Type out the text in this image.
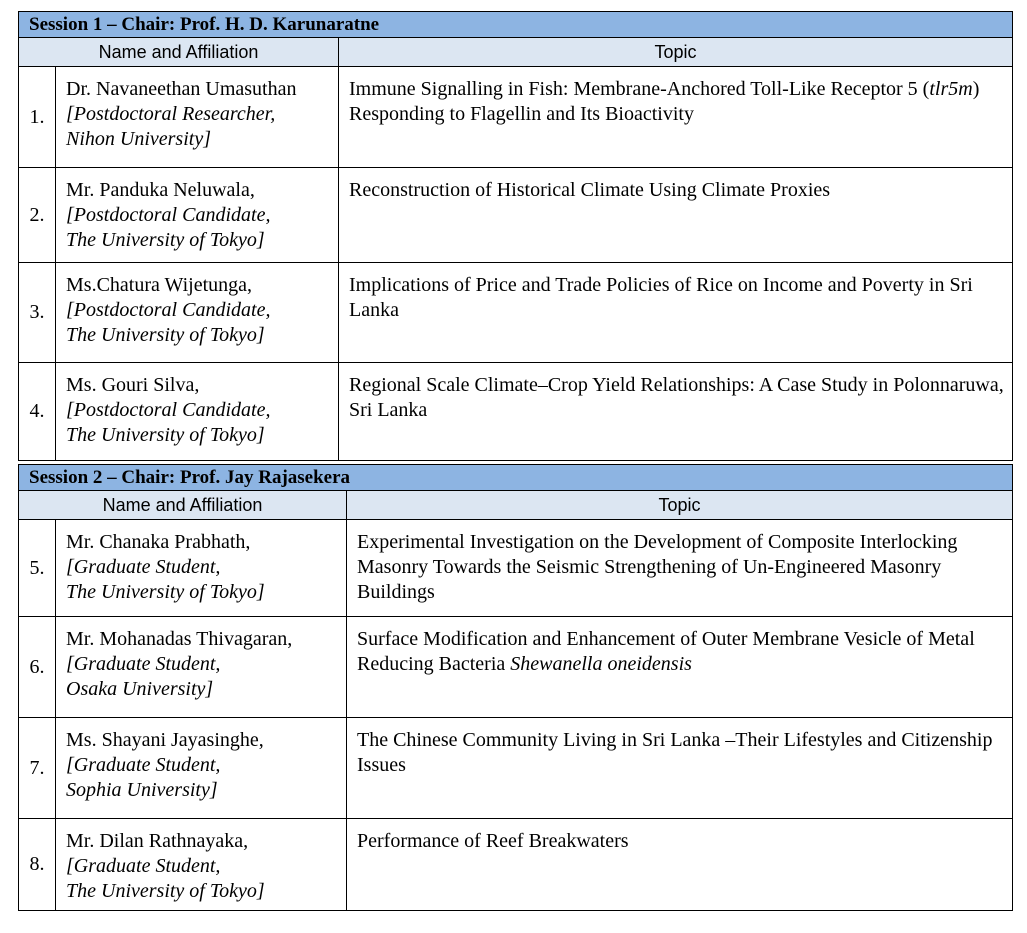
Session 1 – Chair: Prof. H. D. Karunaratne		
Name and Affiliation		Topic
1.	Dr. Navaneethan Umasuthan
[Postdoctoral Researcher,
Nihon University]	Immune Signalling in Fish: Membrane-Anchored Toll-Like Receptor 5 (tlr5m) Responding to Flagellin and Its Bioactivity
2.	Mr. Panduka Neluwala,
[Postdoctoral Candidate,
The University of Tokyo]	Reconstruction of Historical Climate Using Climate Proxies
3.	Ms.Chatura Wijetunga,
[Postdoctoral Candidate,
The University of Tokyo]	Implications of Price and Trade Policies of Rice on Income and Poverty in Sri Lanka
4.	Ms. Gouri Silva,
[Postdoctoral Candidate,
The University of Tokyo]	Regional Scale Climate–Crop Yield Relationships: A Case Study in Polonnaruwa, Sri Lanka
Session 2 – Chair: Prof. Jay Rajasekera		
Name and Affiliation		Topic
5.	Mr. Chanaka Prabhath,
[Graduate Student,
The University of Tokyo]	Experimental Investigation on the Development of Composite Interlocking Masonry Towards the Seismic Strengthening of Un-Engineered Masonry Buildings
6.	Mr. Mohanadas Thivagaran,
[Graduate Student,
Osaka University]	Surface Modification and Enhancement of Outer Membrane Vesicle of Metal Reducing Bacteria Shewanella oneidensis
7.	Ms. Shayani Jayasinghe,
[Graduate Student,
Sophia University]	The Chinese Community Living in Sri Lanka –Their Lifestyles and Citizenship Issues
8.	Mr. Dilan Rathnayaka,
[Graduate Student,
The University of Tokyo]	Performance of Reef Breakwaters
